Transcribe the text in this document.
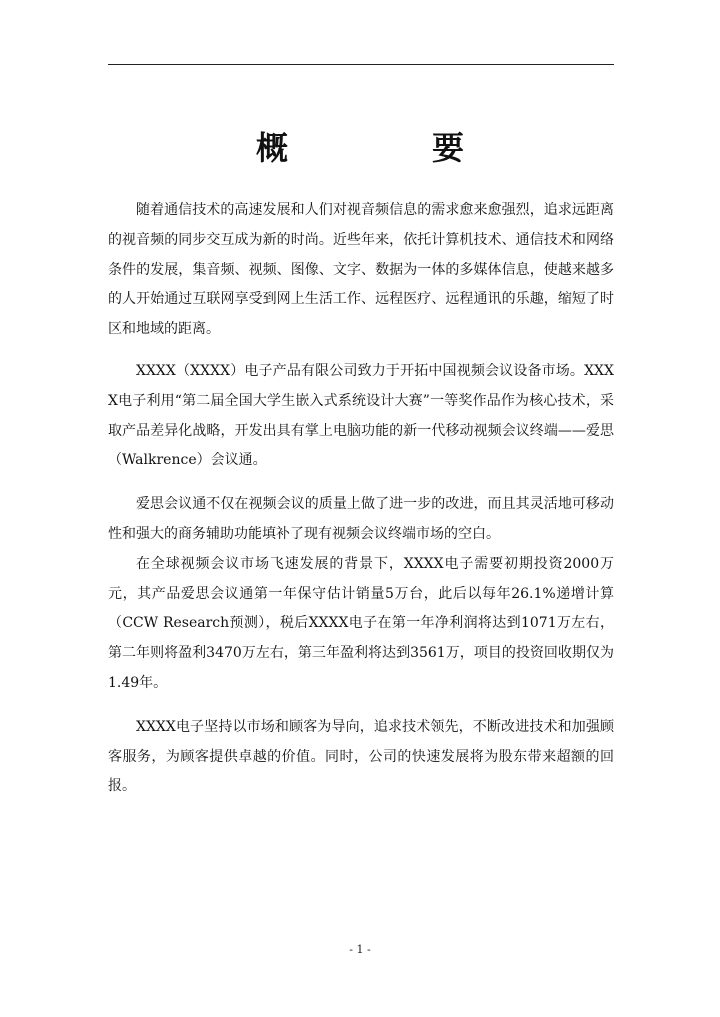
概　要

随着通信技术的高速发展和人们对视音频信息的需求愈来愈强烈，追求远距离的视音频的同步交互成为新的时尚。近些年来，依托计算机技术、通信技术和网络条件的发展，集音频、视频、图像、文字、数据为一体的多媒体信息，使越来越多的人开始通过互联网享受到网上生活工作、远程医疗、远程通讯的乐趣，缩短了时区和地域的距离。

XXXX（XXXX）电子产品有限公司致力于开拓中国视频会议设备市场。XXXX电子利用“第二届全国大学生嵌入式系统设计大赛”一等奖作品作为核心技术，采取产品差异化战略，开发出具有掌上电脑功能的新一代移动视频会议终端——爱思 （Walkrence）会议通。

爱思会议通不仅在视频会议的质量上做了进一步的改进，而且其灵活地可移动性和强大的商务辅助功能填补了现有视频会议终端市场的空白。

在全球视频会议市场飞速发展的背景下，XXXX电子需要初期投资2000万元，其产品爱思会议通第一年保守估计销量5万台，此后以每年26.1%递增计算（CCW Research预测），税后XXXX电子在第一年净利润将达到1071万左右，第二年则将盈利3470万左右，第三年盈利将达到3561万，项目的投资回收期仅为1.49年。

XXXX电子坚持以市场和顾客为导向，追求技术领先，不断改进技术和加强顾客服务，为顾客提供卓越的价值。同时，公司的快速发展将为股东带来超额的回报。

- 1 -
